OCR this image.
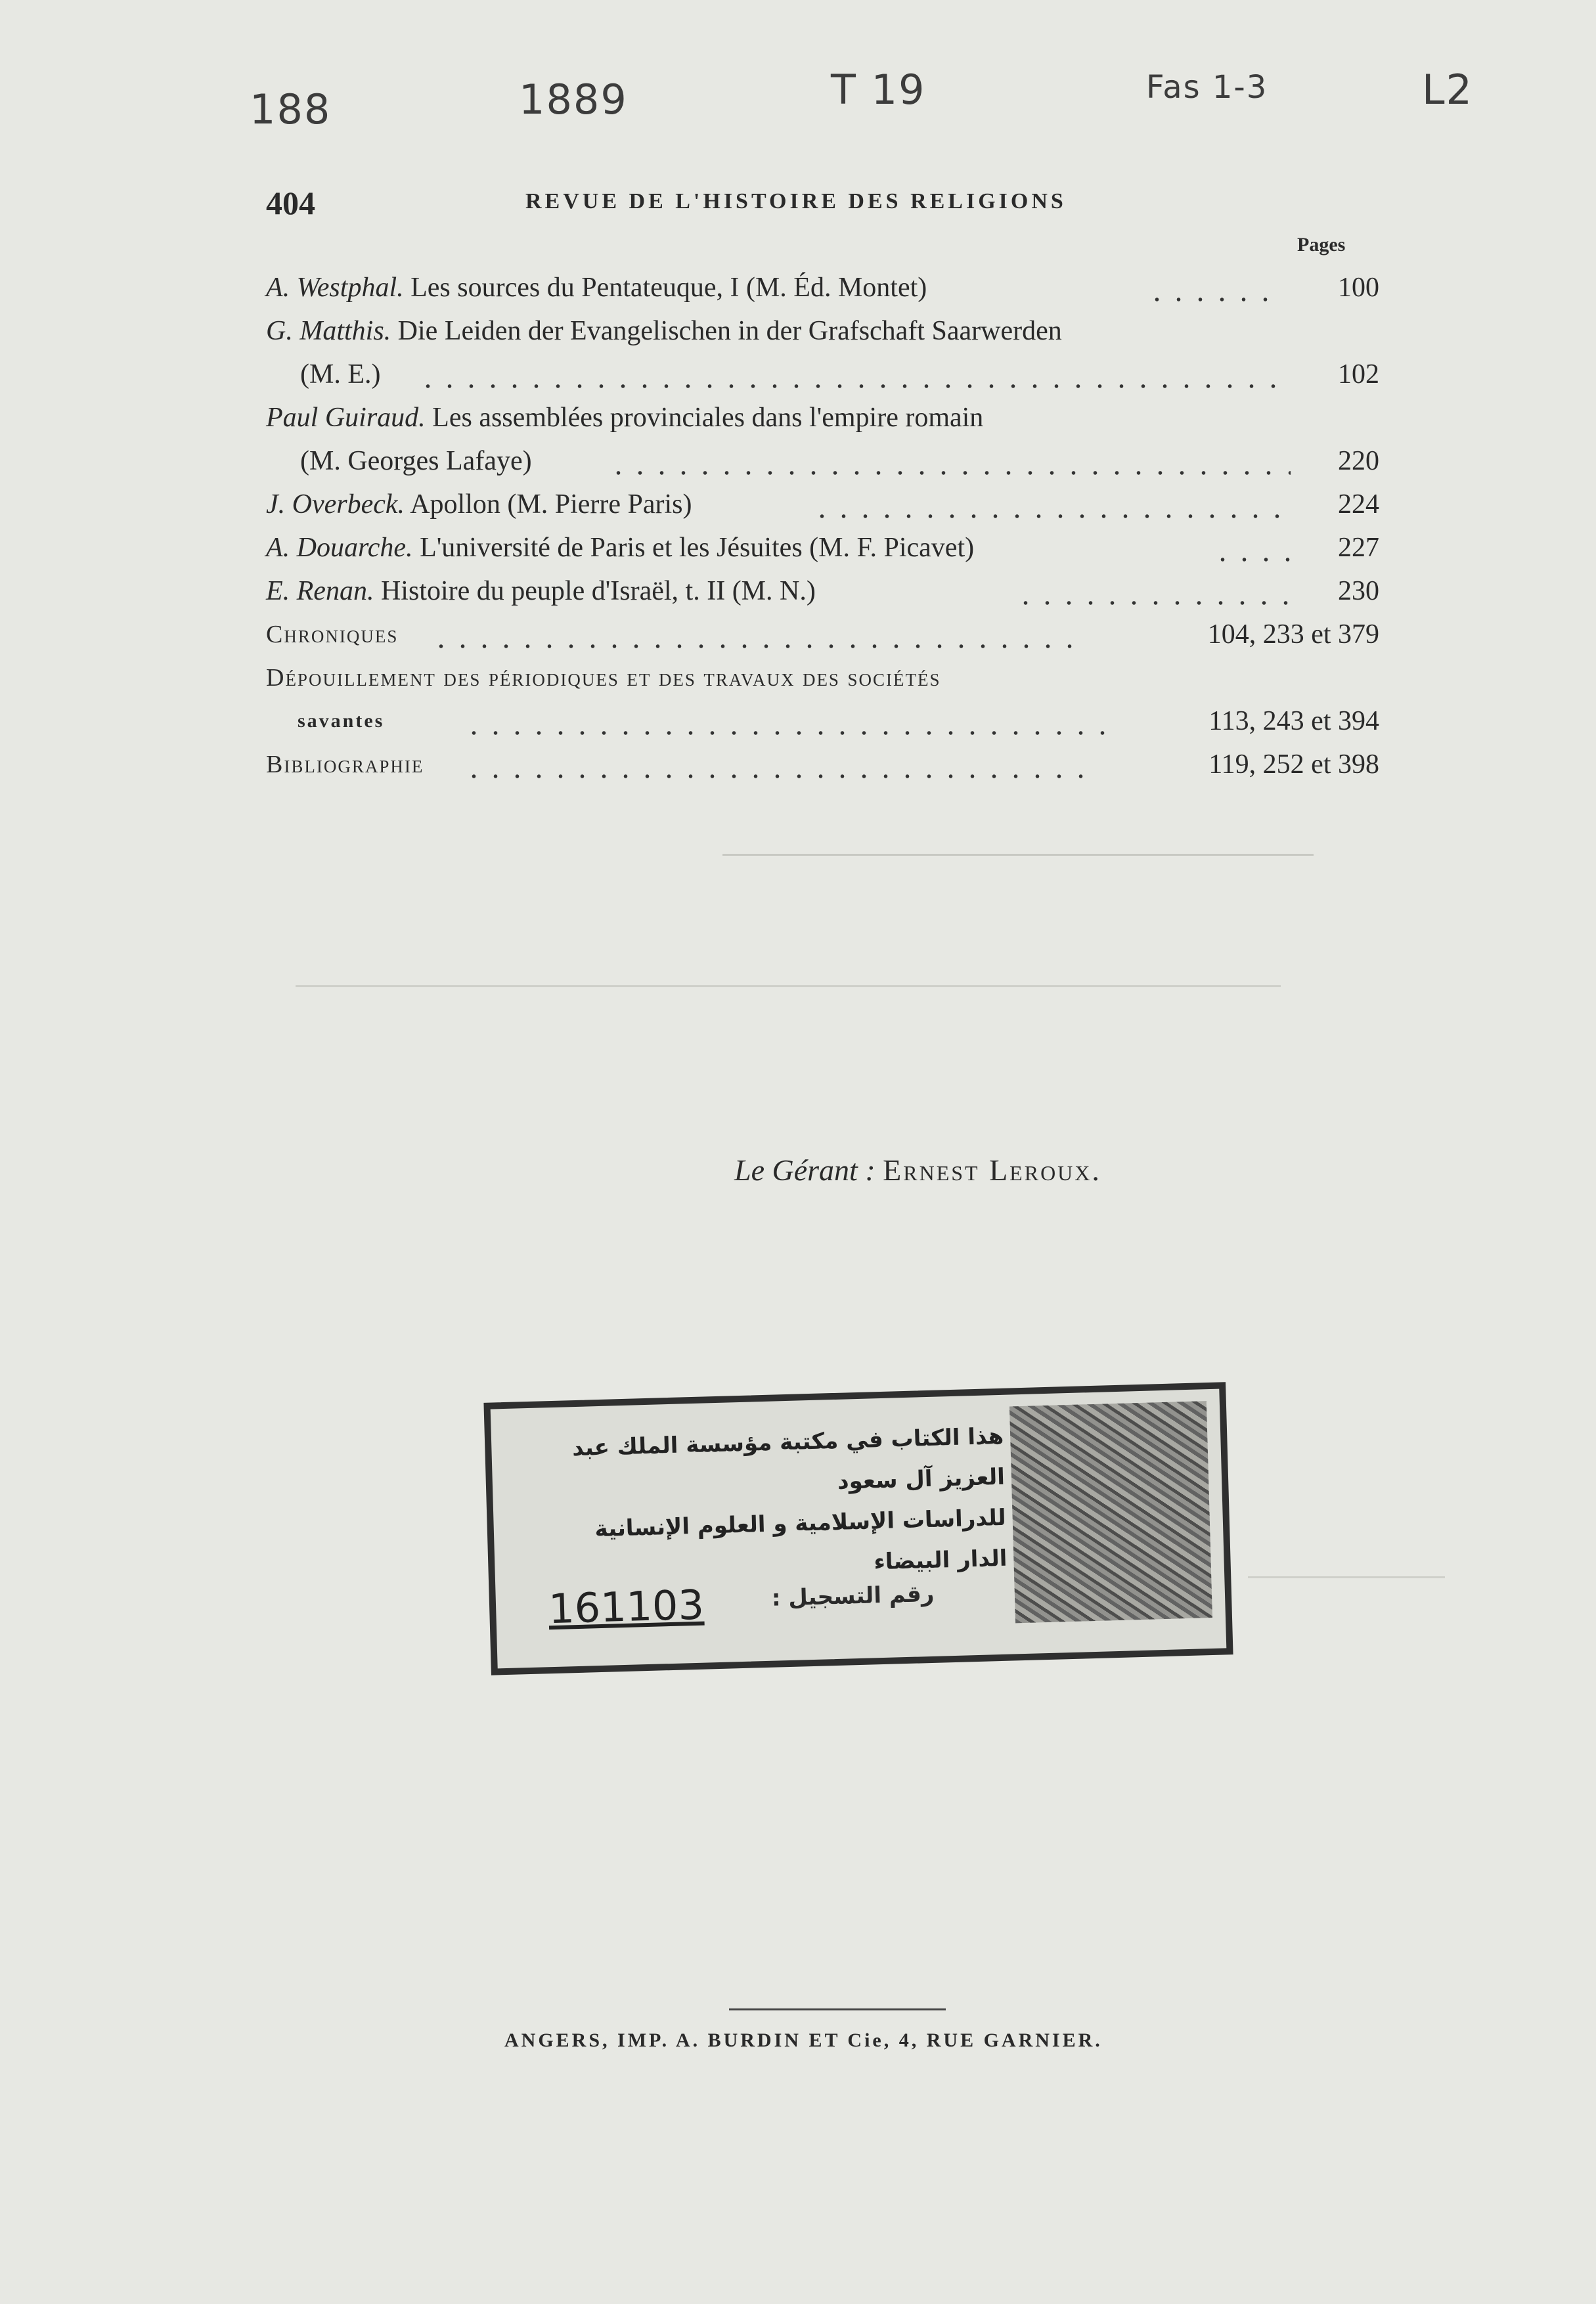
188	1889	T 19	Fas 1-3	L2
404	REVUE DE L'HISTOIRE DES RELIGIONS
Pages
A. Westphal. Les sources du Pentateuque, I (M. Éd. Montet)	100
G. Matthis. Die Leiden der Evangelischen in der Grafschaft Saarwerden
(M. E.)	102
Paul Guiraud. Les assemblées provinciales dans l'empire romain
(M. Georges Lafaye)	220
J. Overbeck. Apollon (M. Pierre Paris)	224
A. Douarche. L'université de Paris et les Jésuites (M. F. Picavet)	227
E. Renan. Histoire du peuple d'Israël, t. II (M. N.)	230
Chroniques	104, 233 et 379
Dépouillement des périodiques et des travaux des sociétés
savantes	113, 243 et 394
Bibliographie	119, 252 et 398
Le Gérant : Ernest Leroux.
هذا الكتاب في مكتبة مؤسسة الملك عبد العزيز آل سعود
للدراسات الإسلامية و العلوم الإنسانية
الدار البيضاء
رقم التسجيل :
161103
ANGERS, IMP. A. BURDIN ET Cie, 4, RUE GARNIER.
